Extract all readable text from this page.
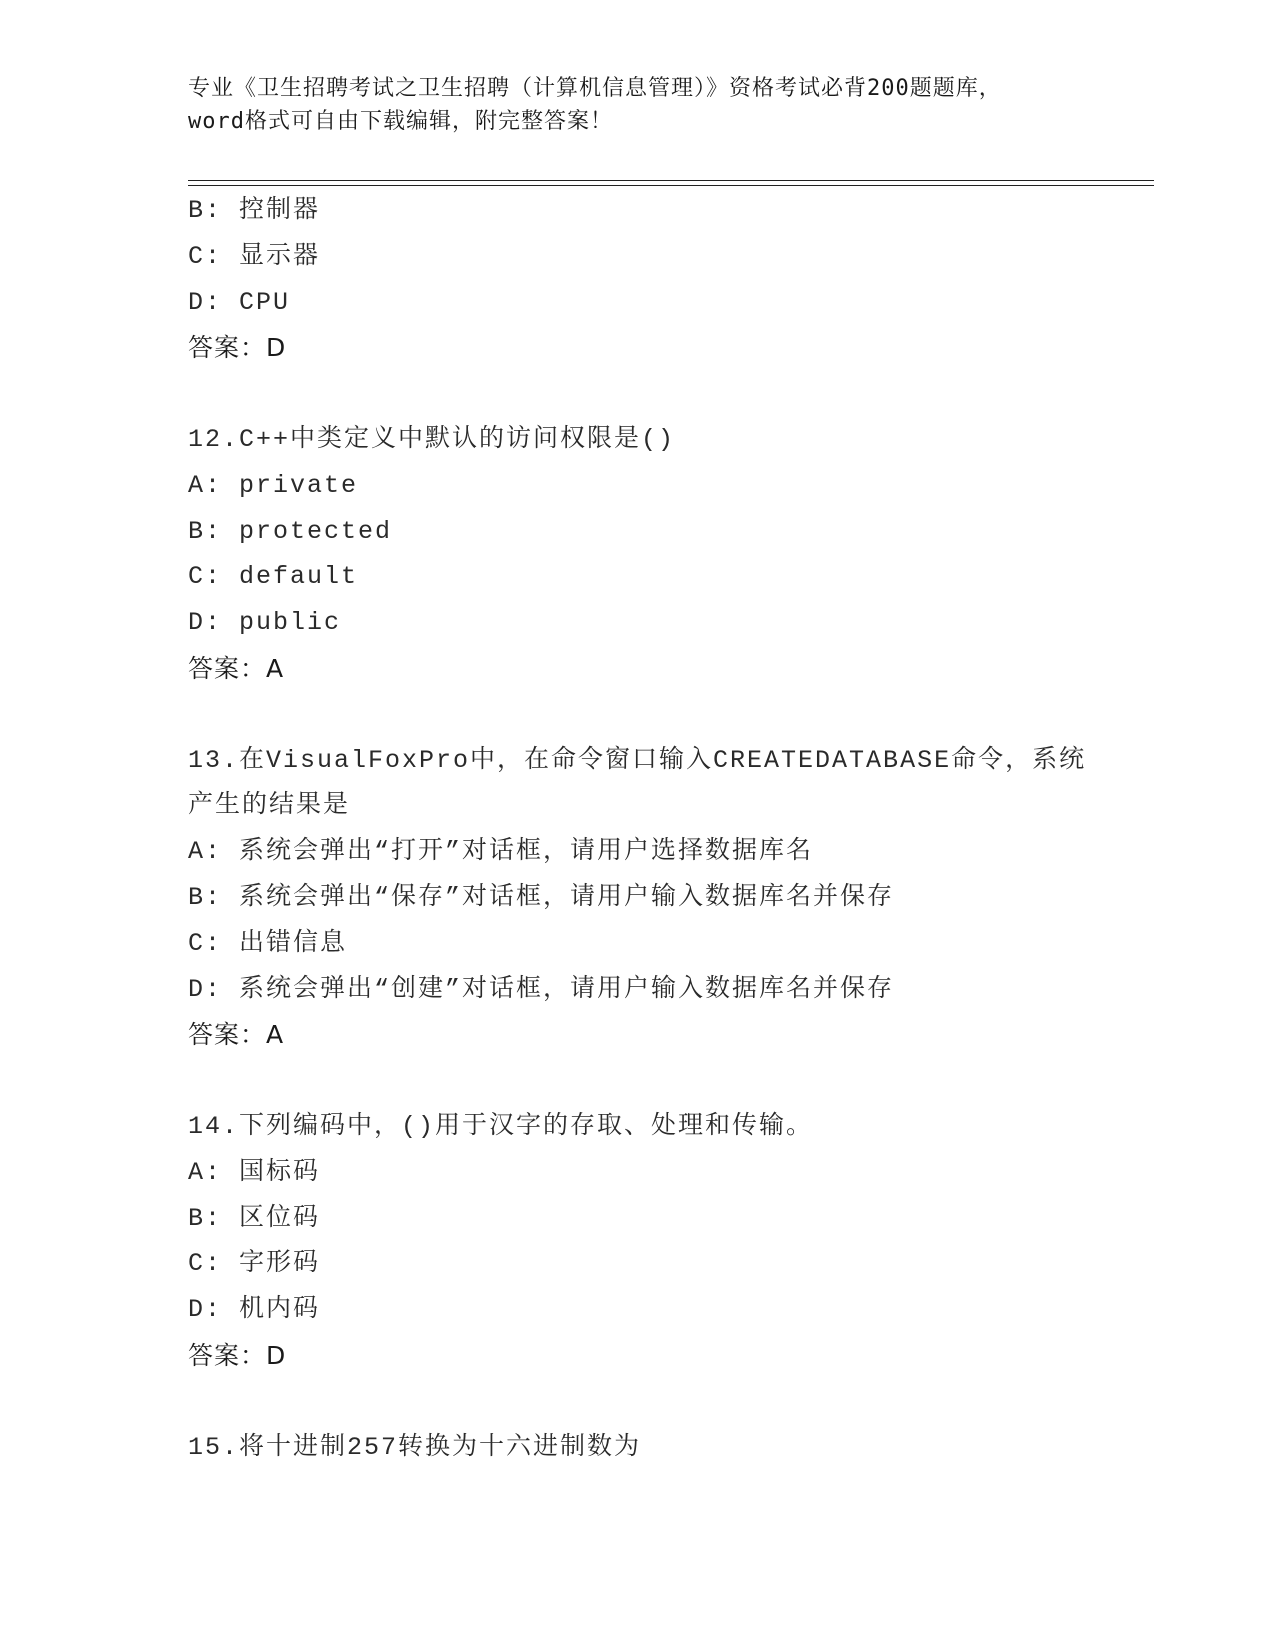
专业《卫生招聘考试之卫生招聘（计算机信息管理）》资格考试必背200题题库，
word格式可自由下载编辑，附完整答案！
B: 控制器
C: 显示器
D: CPU
答案：D
12.C++中类定义中默认的访问权限是()
A: private
B: protected
C: default
D: public
答案：A
13.在VisualFoxPro中，在命令窗口输入CREATEDATABASE命令，系统
产生的结果是
A: 系统会弹出“打开”对话框，请用户选择数据库名
B: 系统会弹出“保存”对话框，请用户输入数据库名并保存
C: 出错信息
D: 系统会弹出“创建”对话框，请用户输入数据库名并保存
答案：A
14.下列编码中，()用于汉字的存取、处理和传输。
A: 国标码
B: 区位码
C: 字形码
D: 机内码
答案：D
15.将十进制257转换为十六进制数为
